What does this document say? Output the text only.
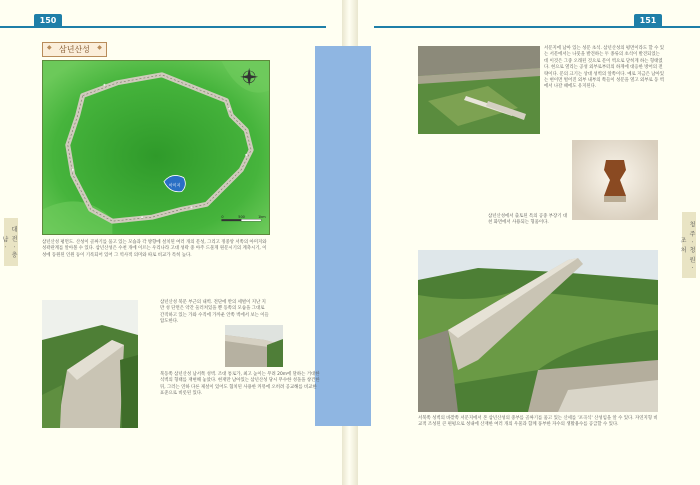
150	151
대 전 · 충 남 ·	청 주 · 청 원 · 조 처
◆ 삼년산성 ◆
아미지
0	500	1km
삼년산성 평면도. 산성이 골짜기를 품고 있는 모습과 각 방향에 설치된 여러 개의 문성, 그리고 정중앙 서쪽의 아미지와 성곽관계를 알아볼 수 있다. 삼년산성은 수천 개에 이르는 우리나라 고대 성곽 중 아주 드물게 원문시기의 계축시기, 이 성에 동원된 인원 등이 기록되어 있어 그 역사적 의미와 따로 비교가 특히 높다.
삼년산성 북문 부근의 내벽. 전단에 반의 세벌이 지난 지만 성 단면은 약간 둘러쳐있을 뿐 동쪽의 모습을 그대로 간직하고 있는 가와 수직에 가까운 안쪽 벽에서 보는 이들 압도한다.
북동쪽 삼년산성 남서쪽 성벽. 조대 통로가, 최고 높이는 무려 20m에 달하는 거대한 석벽의 형태를 재현해 놓았다. 현재만 남아있는 삼년산성 당시 무수한 성돌을 창건한 뒤, 그러는 연하 다른 제설이 있어도 협치된 사용한 커뮤에 오히려 공교해를 비교한 표준으로 비롯된 있다.
서문지에 남아 있는 성문 초석. 삼년산성의 평면이라도 할 수 있는 서문에서는 나뭇을 발견하는 두 종류의 초석이 발견되었는데 이것은 그중 오래된 것으로 문이 벽으로 닫히게 하는 형태였다. 현으로 열리는 공성 외부로부터의 하게에 대응한 방어의 전략이다. 문의 크기는 상대 성벽의 앞쪽이다. 예로 지금은 남아있는 현이면 벌어진 외부 내부의 쪽들이 성문을 열고 외부로 동 벽에서 나갈 때에도 유지된다.
삼년산성에서 출토된 특의 공중 부장기 대천 화면에서 사용되는 형품이다.
서북쪽 성벽의 바깥쪽 서문지에서 본 삼년산성의 중부를 골짜기를 품고 있는 산세를 '포곡식' 산성임을 알 수 있다. 자연지형 비교적 조성된 큰 편평으로 성내에 산재한 여러 개의 우물과 함께 풍부한 자수의 생활용수를 공급할 수 있다.
